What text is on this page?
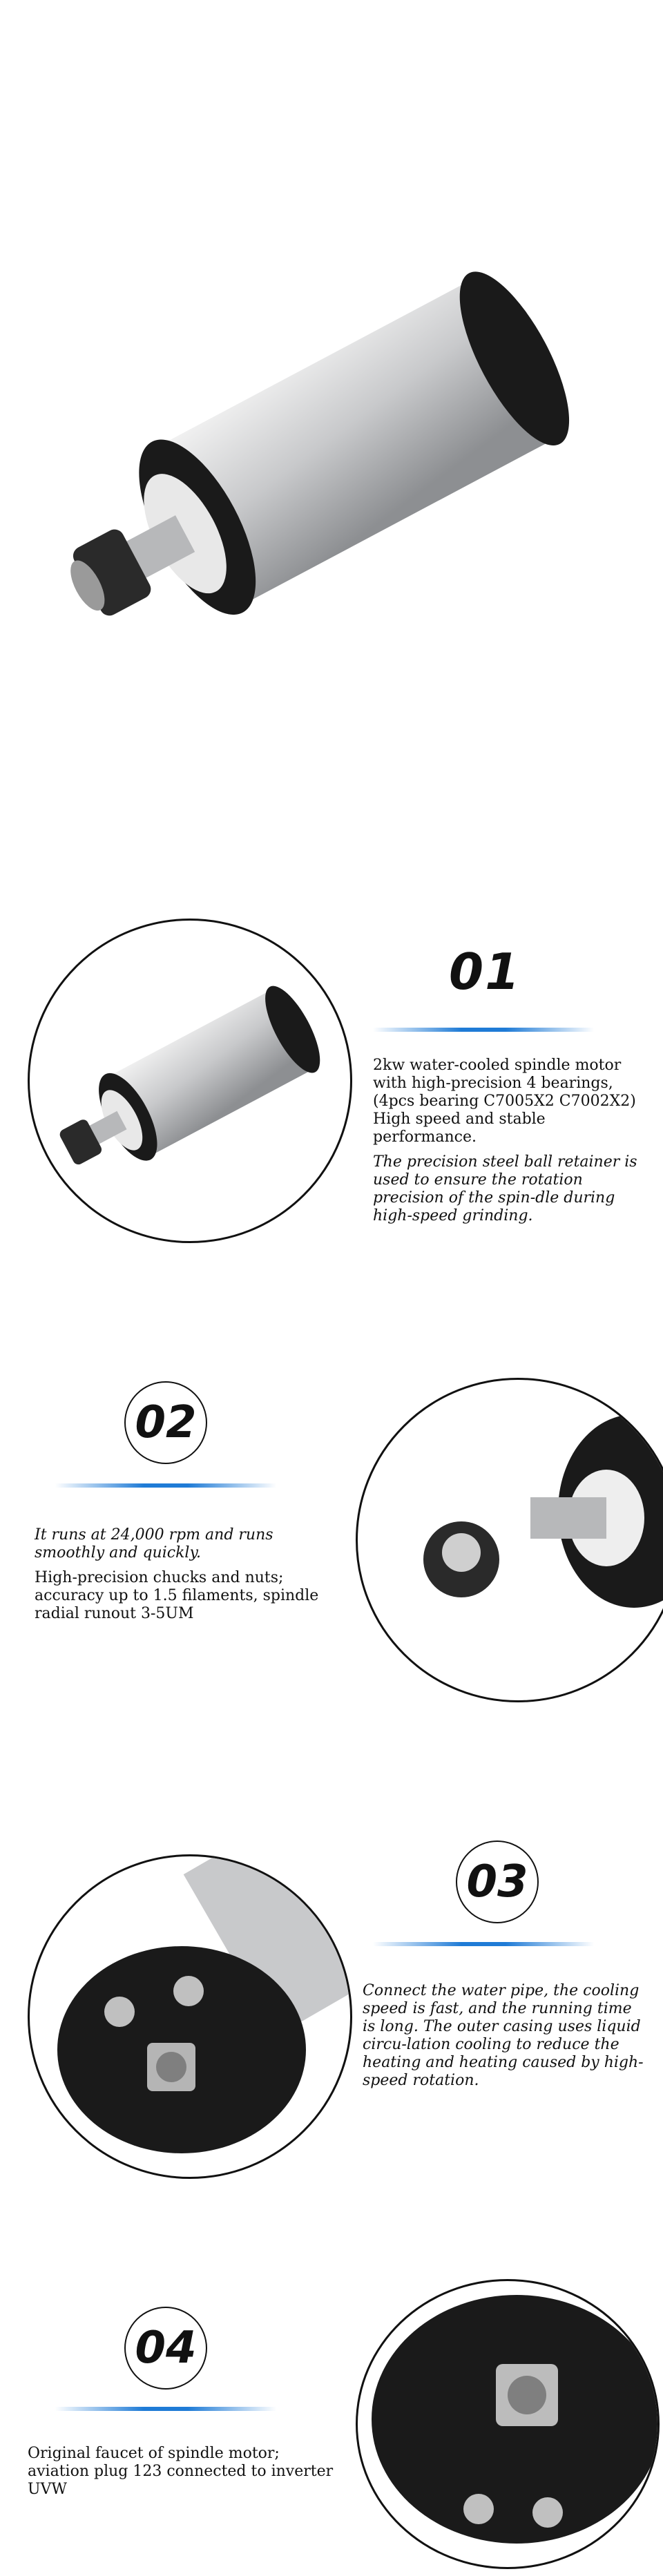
01

2kw water-cooled spindle motor with high-precision 4 bearings,(4pcs bearing C7005X2 C7002X2) High speed and stable performance.

The precision steel ball retainer is used to ensure the rotation precision of the spin-dle during high-speed grinding.

02

It runs at 24,000 rpm and runs smoothly and quickly.

High-precision chucks and nuts; accuracy up to 1.5 filaments, spindle radial runout 3-5UM

03

Connect the water pipe, the cooling speed is fast, and the running time is long. The outer casing uses liquid circu-lation cooling to reduce the heating and heating caused by high-speed rotation.

04

Original faucet of spindle motor; aviation plug 123 connected to inverter UVW
